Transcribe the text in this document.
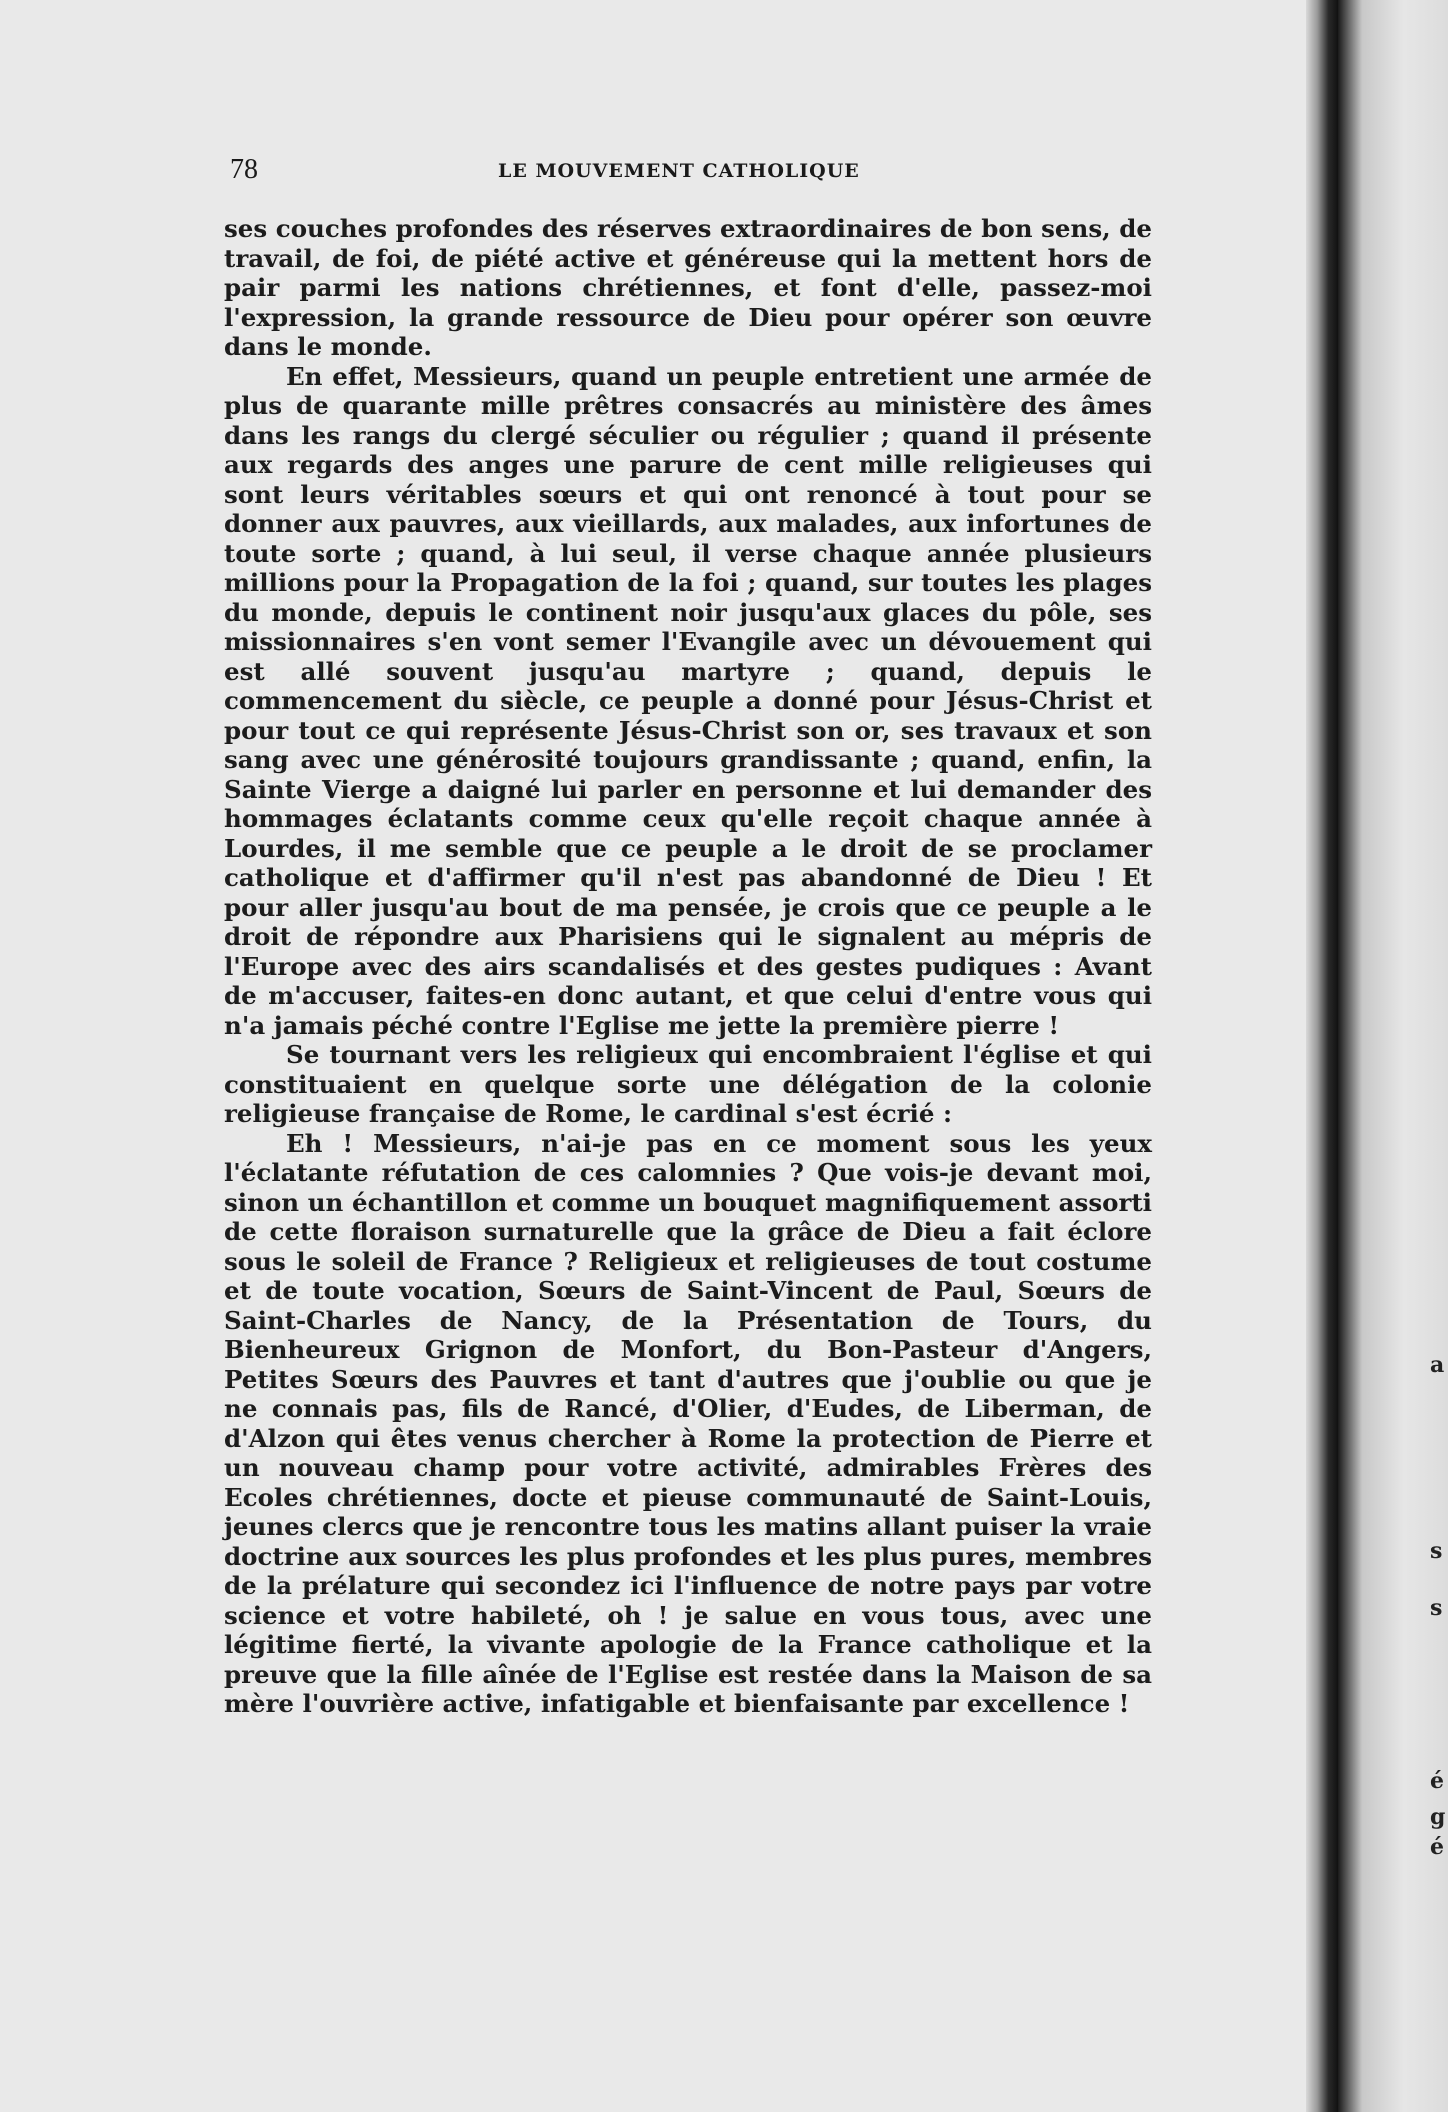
78	LE MOUVEMENT CATHOLIQUE

ses couches profondes des réserves extraordinaires de bon sens, de travail, de foi, de piété active et généreuse qui la mettent hors de pair parmi les nations chrétiennes, et font d'elle, passez-moi l'expression, la grande ressource de Dieu pour opérer son œuvre dans le monde.

En effet, Messieurs, quand un peuple entretient une armée de plus de quarante mille prêtres consacrés au ministère des âmes dans les rangs du clergé séculier ou régulier ; quand il présente aux regards des anges une parure de cent mille religieuses qui sont leurs véritables sœurs et qui ont renoncé à tout pour se donner aux pauvres, aux vieillards, aux malades, aux infortunes de toute sorte ; quand, à lui seul, il verse chaque année plusieurs millions pour la Propagation de la foi ; quand, sur toutes les plages du monde, depuis le continent noir jusqu'aux glaces du pôle, ses missionnaires s'en vont semer l'Evangile avec un dévouement qui est allé souvent jusqu'au martyre ; quand, depuis le commencement du siècle, ce peuple a donné pour Jésus-Christ et pour tout ce qui représente Jésus-Christ son or, ses travaux et son sang avec une générosité toujours grandissante ; quand, enfin, la Sainte Vierge a daigné lui parler en personne et lui demander des hommages éclatants comme ceux qu'elle reçoit chaque année à Lourdes, il me semble que ce peuple a le droit de se proclamer catholique et d'affirmer qu'il n'est pas abandonné de Dieu ! Et pour aller jusqu'au bout de ma pensée, je crois que ce peuple a le droit de répondre aux Pharisiens qui le signalent au mépris de l'Europe avec des airs scandalisés et des gestes pudiques : Avant de m'accuser, faites-en donc autant, et que celui d'entre vous qui n'a jamais péché contre l'Eglise me jette la première pierre !

Se tournant vers les religieux qui encombraient l'église et qui constituaient en quelque sorte une délégation de la colonie religieuse française de Rome, le cardinal s'est écrié :

Eh ! Messieurs, n'ai-je pas en ce moment sous les yeux l'éclatante réfutation de ces calomnies ? Que vois-je devant moi, sinon un échantillon et comme un bouquet magnifiquement assorti de cette floraison surnaturelle que la grâce de Dieu a fait éclore sous le soleil de France ? Religieux et religieuses de tout costume et de toute vocation, Sœurs de Saint-Vincent de Paul, Sœurs de Saint-Charles de Nancy, de la Présentation de Tours, du Bienheureux Grignon de Monfort, du Bon-Pasteur d'Angers, Petites Sœurs des Pauvres et tant d'autres que j'oublie ou que je ne connais pas, fils de Rancé, d'Olier, d'Eudes, de Liberman, de d'Alzon qui êtes venus chercher à Rome la protection de Pierre et un nouveau champ pour votre activité, admirables Frères des Ecoles chrétiennes, docte et pieuse communauté de Saint-Louis, jeunes clercs que je rencontre tous les matins allant puiser la vraie doctrine aux sources les plus profondes et les plus pures, membres de la prélature qui secondez ici l'influence de notre pays par votre science et votre habileté, oh ! je salue en vous tous, avec une légitime fierté, la vivante apologie de la France catholique et la preuve que la fille aînée de l'Eglise est restée dans la Maison de sa mère l'ouvrière active, infatigable et bienfaisante par excellence !

a
s
s
é
g
é
